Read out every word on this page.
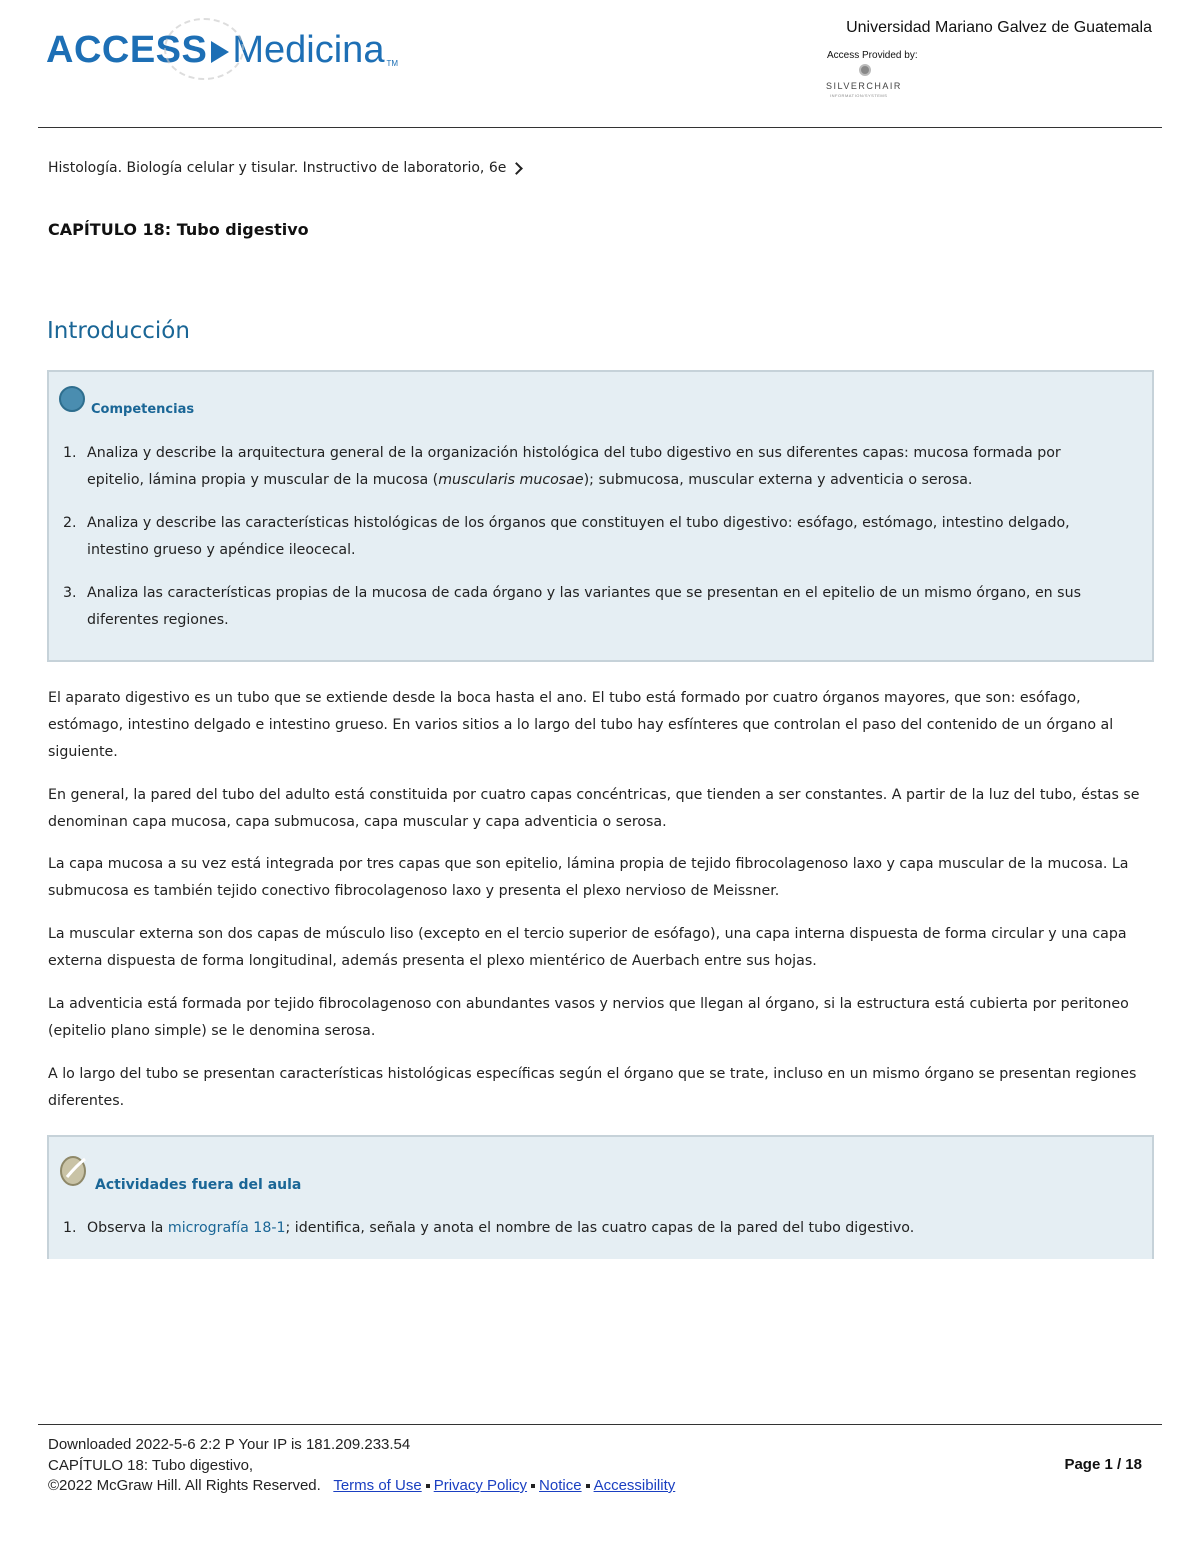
ACCESS Medicina TM
Universidad Mariano Galvez de Guatemala
Access Provided by:
SILVERCHAIR
INFORMATION/SYSTEMS
Histología. Biología celular y tisular. Instructivo de laboratorio, 6e
CAPÍTULO 18: Tubo digestivo
Introducción
Competencias
1. Analiza y describe la arquitectura general de la organización histológica del tubo digestivo en sus diferentes capas: mucosa formada por epitelio, lámina propia y muscular de la mucosa (muscularis mucosae); submucosa, muscular externa y adventicia o serosa.
2. Analiza y describe las características histológicas de los órganos que constituyen el tubo digestivo: esófago, estómago, intestino delgado, intestino grueso y apéndice ileocecal.
3. Analiza las características propias de la mucosa de cada órgano y las variantes que se presentan en el epitelio de un mismo órgano, en sus diferentes regiones.

El aparato digestivo es un tubo que se extiende desde la boca hasta el ano. El tubo está formado por cuatro órganos mayores, que son: esófago, estómago, intestino delgado e intestino grueso. En varios sitios a lo largo del tubo hay esfínteres que controlan el paso del contenido de un órgano al siguiente.

En general, la pared del tubo del adulto está constituida por cuatro capas concéntricas, que tienden a ser constantes. A partir de la luz del tubo, éstas se denominan capa mucosa, capa submucosa, capa muscular y capa adventicia o serosa.

La capa mucosa a su vez está integrada por tres capas que son epitelio, lámina propia de tejido fibrocolagenoso laxo y capa muscular de la mucosa. La submucosa es también tejido conectivo fibrocolagenoso laxo y presenta el plexo nervioso de Meissner.

La muscular externa son dos capas de músculo liso (excepto en el tercio superior de esófago), una capa interna dispuesta de forma circular y una capa externa dispuesta de forma longitudinal, además presenta el plexo mientérico de Auerbach entre sus hojas.

La adventicia está formada por tejido fibrocolagenoso con abundantes vasos y nervios que llegan al órgano, si la estructura está cubierta por peritoneo (epitelio plano simple) se le denomina serosa.

A lo largo del tubo se presentan características histológicas específicas según el órgano que se trate, incluso en un mismo órgano se presentan regiones diferentes.

Actividades fuera del aula
1. Observa la micrografía 18-1; identifica, señala y anota el nombre de las cuatro capas de la pared del tubo digestivo.
Downloaded 2022-5-6 2:2 P Your IP is 181.209.233.54
CAPÍTULO 18: Tubo digestivo,
©2022 McGraw Hill. All Rights Reserved. Terms of Use Privacy Policy Notice Accessibility
Page 1 / 18
